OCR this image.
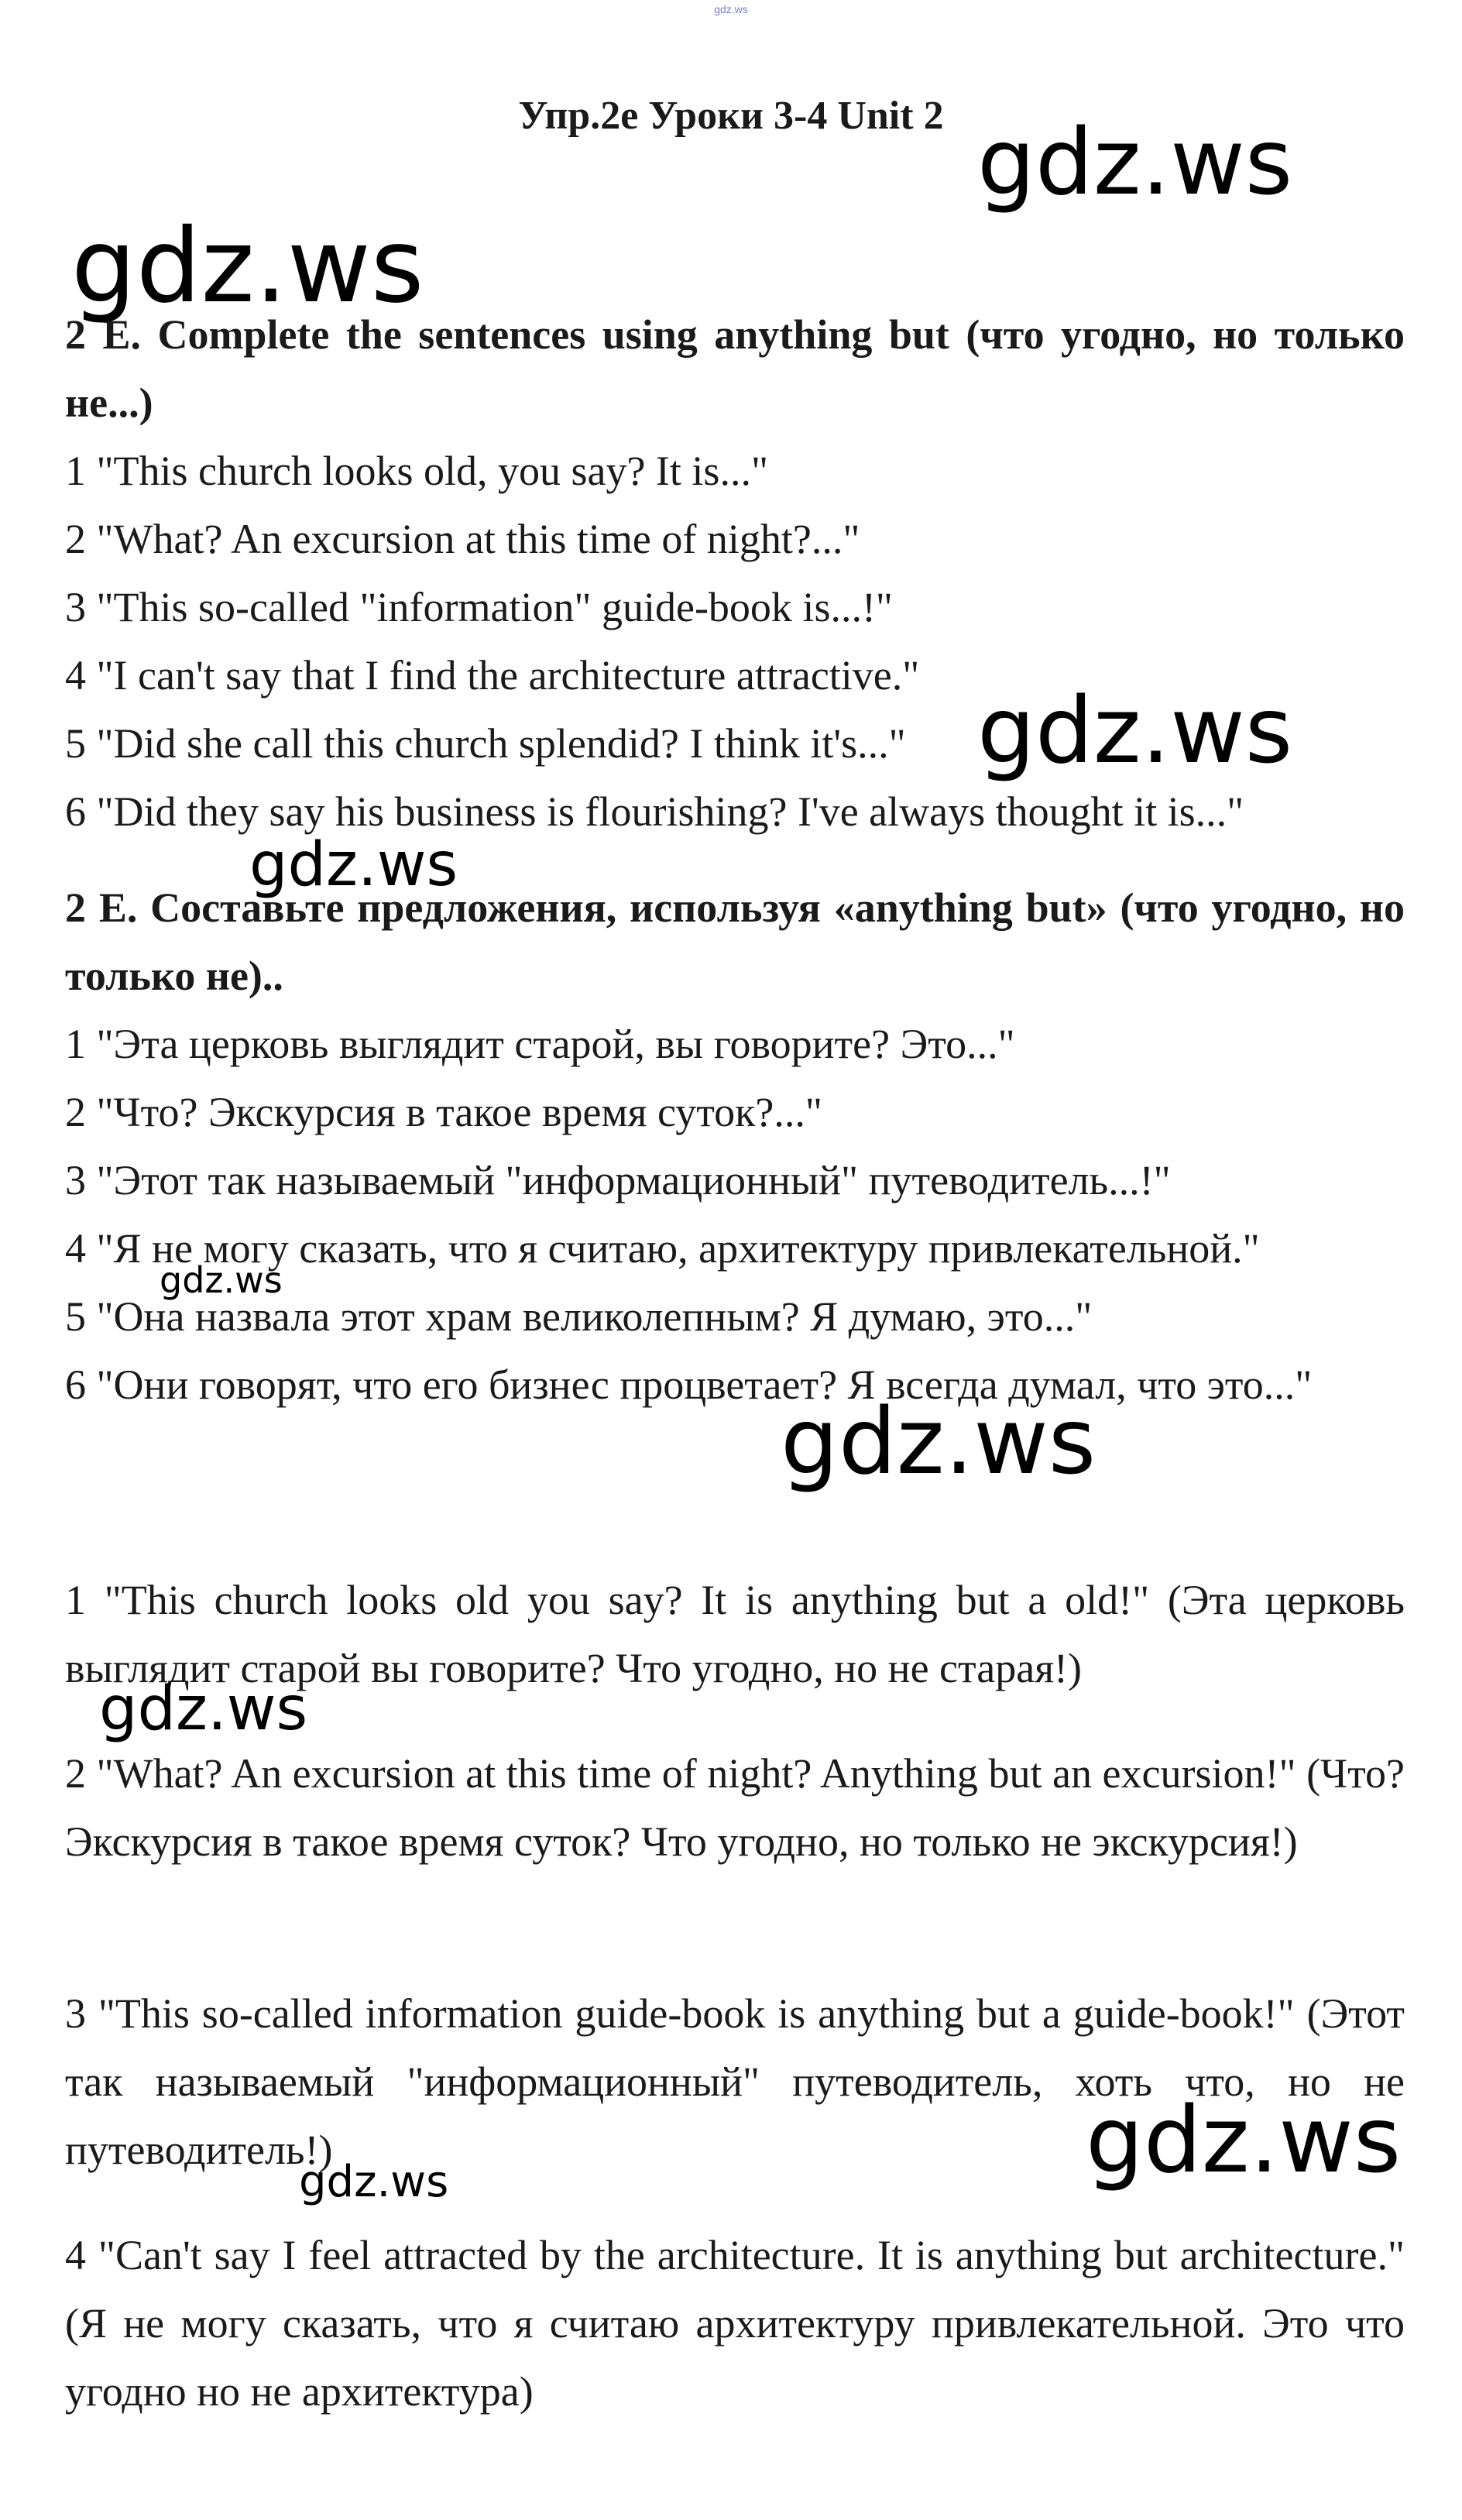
gdz.ws
Упр.2е Уроки 3-4 Unit 2
2 E. Complete the sentences using anything but (что угодно, но только не...)
1 "This church looks old, you say? It is..."
2 "What? An excursion at this time of night?..."
3 "This so-called "information" guide-book is...!"
4 "I can't say that I find the architecture attractive."
5 "Did she call this church splendid? I think it's..."
6 "Did they say his business is flourishing? I've always thought it is..."
2 E. Составьте предложения, используя «anything but» (что угодно, но только не)..
1 "Эта церковь выглядит старой, вы говорите? Это..."
2 "Что? Экскурсия в такое время суток?..."
3 "Этот так называемый "информационный" путеводитель...!"
4 "Я не могу сказать, что я считаю, архитектуру привлекательной."
5 "Она назвала этот храм великолепным? Я думаю, это..."
6 "Они говорят, что его бизнес процветает? Я всегда думал, что это..."
1 "This church looks old you say? It is anything but a old!" (Эта церковь выглядит старой вы говорите? Что угодно, но не старая!)
2 "What? An excursion at this time of night? Anything but an excursion!" (Что? Экскурсия в такое время суток? Что угодно, но только не экскурсия!)
3 "This so-called information guide-book is anything but a guide-book!" (Этот так называемый "информационный" путеводитель, хоть что, но не путеводитель!)
4 "Can't say I feel attracted by the architecture. It is anything but architecture." (Я не могу сказать, что я считаю архитектуру привлекательной. Это что угодно но не архитектура)
gdz.ws
gdz.ws
gdz.ws
gdz.ws
gdz.ws
gdz.ws
gdz.ws
gdz.ws
gdz.ws
